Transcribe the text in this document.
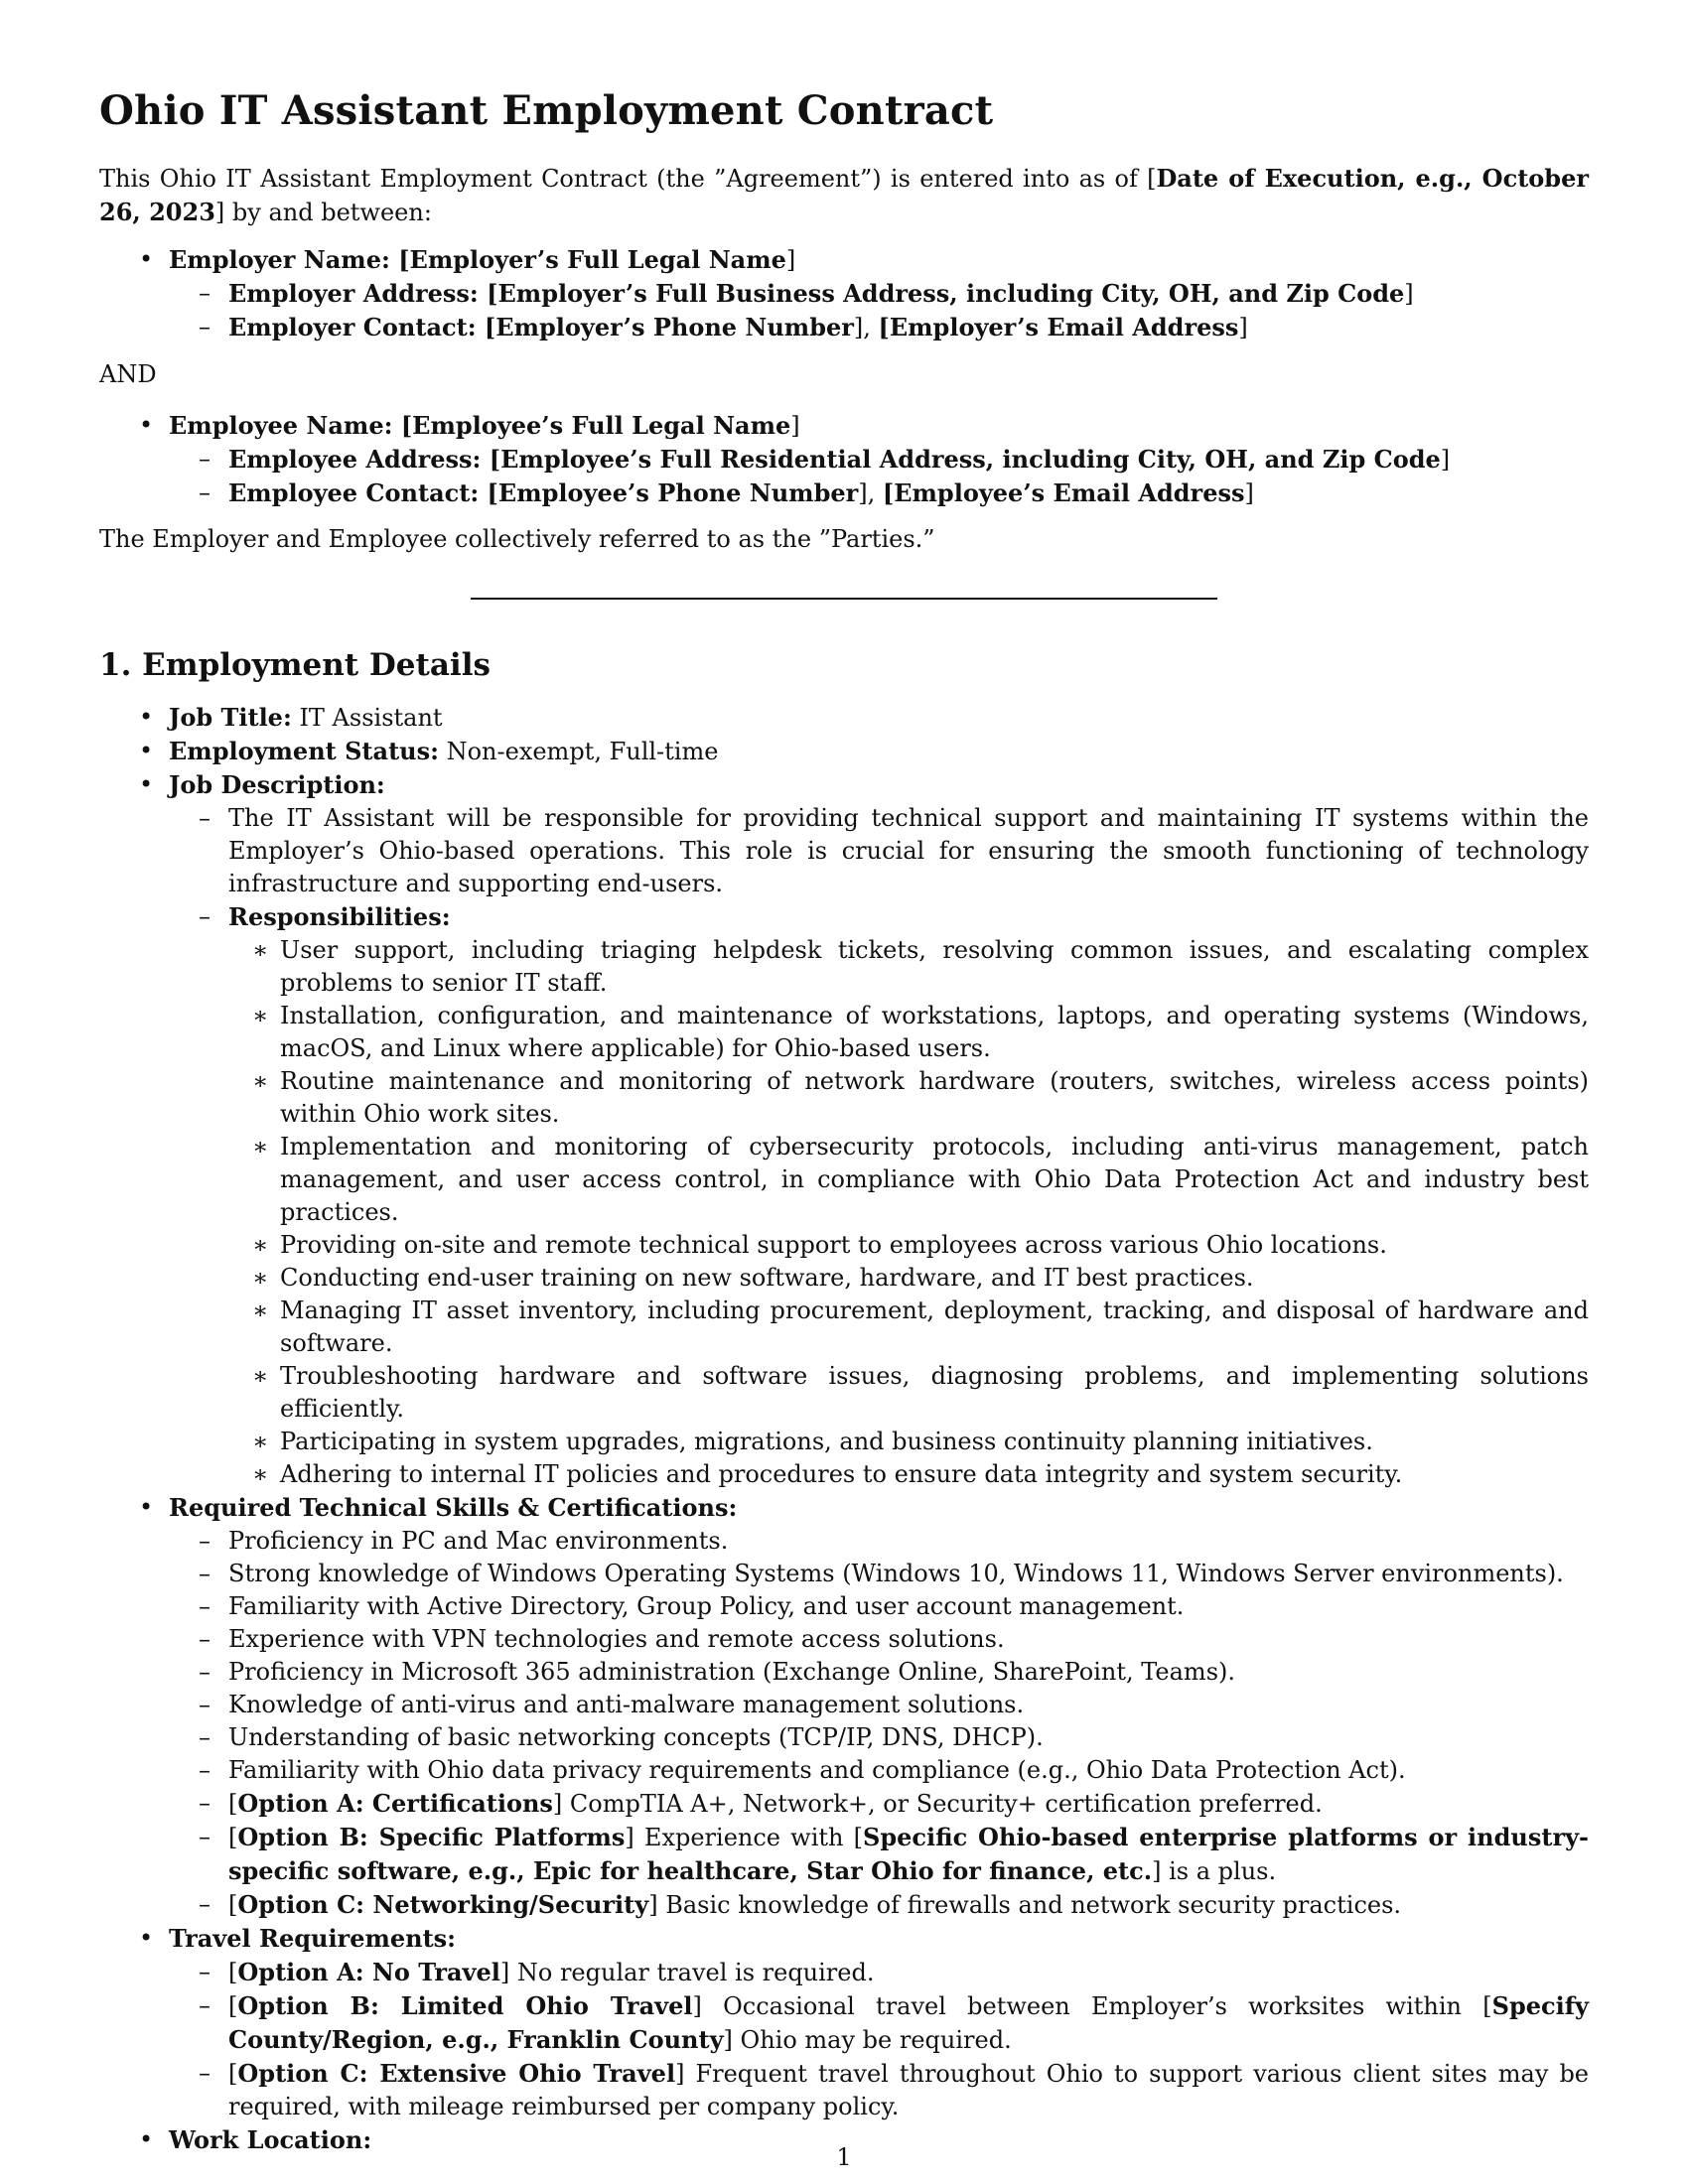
Ohio IT Assistant Employment Contract

This Ohio IT Assistant Employment Contract (the ”Agreement”) is entered into as of [Date of Execution, e.g., October 26, 2023] by and between:

• Employer Name: [Employer’s Full Legal Name]
– Employer Address: [Employer’s Full Business Address, including City, OH, and Zip Code]
– Employer Contact: [Employer’s Phone Number], [Employer’s Email Address]

AND

• Employee Name: [Employee’s Full Legal Name]
– Employee Address: [Employee’s Full Residential Address, including City, OH, and Zip Code]
– Employee Contact: [Employee’s Phone Number], [Employee’s Email Address]

The Employer and Employee collectively referred to as the ”Parties.”

1. Employment Details
• Job Title: IT Assistant
• Employment Status: Non-exempt, Full-time
• Job Description:
– The IT Assistant will be responsible for providing technical support and maintaining IT systems within the Employer’s Ohio-based operations. This role is crucial for ensuring the smooth functioning of technology infrastructure and supporting end-users.
– Responsibilities:
∗ User support, including triaging helpdesk tickets, resolving common issues, and escalating complex problems to senior IT staff.
∗ Installation, configuration, and maintenance of workstations, laptops, and operating systems (Windows, macOS, and Linux where applicable) for Ohio-based users.
∗ Routine maintenance and monitoring of network hardware (routers, switches, wireless access points) within Ohio work sites.
∗ Implementation and monitoring of cybersecurity protocols, including anti-virus management, patch management, and user access control, in compliance with Ohio Data Protection Act and industry best practices.
∗ Providing on-site and remote technical support to employees across various Ohio locations.
∗ Conducting end-user training on new software, hardware, and IT best practices.
∗ Managing IT asset inventory, including procurement, deployment, tracking, and disposal of hardware and software.
∗ Troubleshooting hardware and software issues, diagnosing problems, and implementing solutions efficiently.
∗ Participating in system upgrades, migrations, and business continuity planning initiatives.
∗ Adhering to internal IT policies and procedures to ensure data integrity and system security.
• Required Technical Skills & Certifications:
– Proficiency in PC and Mac environments.
– Strong knowledge of Windows Operating Systems (Windows 10, Windows 11, Windows Server environments).
– Familiarity with Active Directory, Group Policy, and user account management.
– Experience with VPN technologies and remote access solutions.
– Proficiency in Microsoft 365 administration (Exchange Online, SharePoint, Teams).
– Knowledge of anti-virus and anti-malware management solutions.
– Understanding of basic networking concepts (TCP/IP, DNS, DHCP).
– Familiarity with Ohio data privacy requirements and compliance (e.g., Ohio Data Protection Act).
– [Option A: Certifications] CompTIA A+, Network+, or Security+ certification preferred.
– [Option B: Specific Platforms] Experience with [Specific Ohio-based enterprise platforms or industry-specific software, e.g., Epic for healthcare, Star Ohio for finance, etc.] is a plus.
– [Option C: Networking/Security] Basic knowledge of firewalls and network security practices.
• Travel Requirements:
– [Option A: No Travel] No regular travel is required.
– [Option B: Limited Ohio Travel] Occasional travel between Employer’s worksites within [Specify County/Region, e.g., Franklin County] Ohio may be required.
– [Option C: Extensive Ohio Travel] Frequent travel throughout Ohio to support various client sites may be required, with mileage reimbursed per company policy.
• Work Location:
1
